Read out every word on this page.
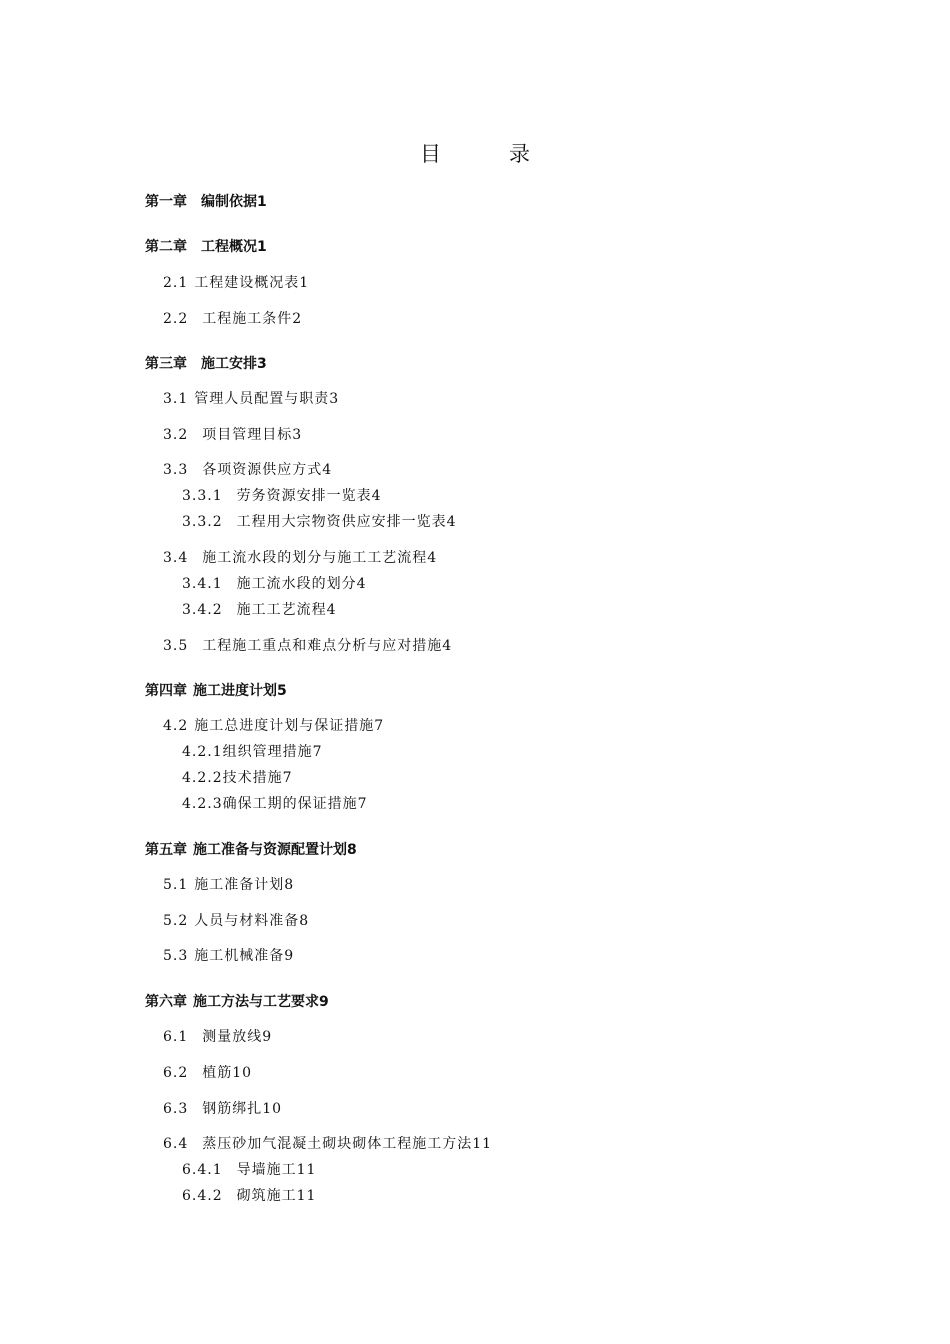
目	录
第一章 编制依据1
第二章 工程概况1
2.1 工程建设概况表1
2.2 工程施工条件2
第三章 施工安排3
3.1 管理人员配置与职责3
3.2 项目管理目标3
3.3 各项资源供应方式4
3.3.1 劳务资源安排一览表4
3.3.2 工程用大宗物资供应安排一览表4
3.4 施工流水段的划分与施工工艺流程4
3.4.1 施工流水段的划分4
3.4.2 施工工艺流程4
3.5 工程施工重点和难点分析与应对措施4
第四章 施工进度计划5
4.2 施工总进度计划与保证措施7
4.2.1组织管理措施7
4.2.2技术措施7
4.2.3确保工期的保证措施7
第五章 施工准备与资源配置计划8
5.1 施工准备计划8
5.2 人员与材料准备8
5.3 施工机械准备9
第六章 施工方法与工艺要求9
6.1 测量放线9
6.2 植筋10
6.3 钢筋绑扎10
6.4 蒸压砂加气混凝土砌块砌体工程施工方法11
6.4.1 导墙施工11
6.4.2 砌筑施工11
